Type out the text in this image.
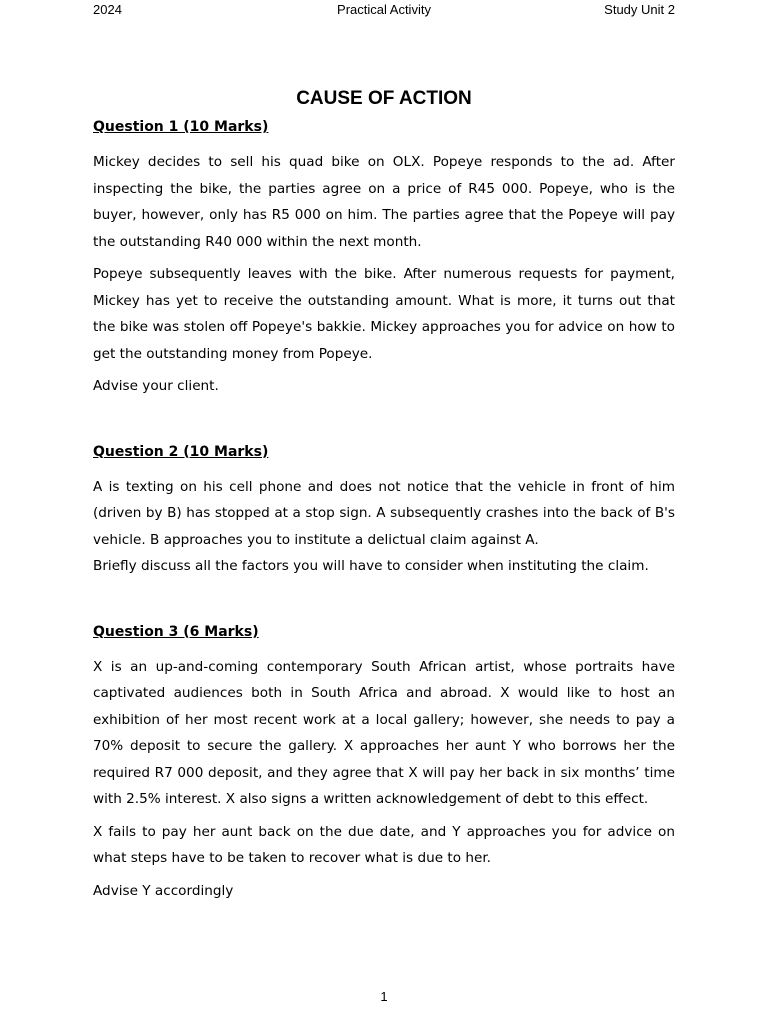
2024	Practical Activity	Study Unit 2
CAUSE OF ACTION

Question 1 (10 Marks)

Mickey decides to sell his quad bike on OLX. Popeye responds to the ad. After inspecting the bike, the parties agree on a price of R45 000. Popeye, who is the buyer, however, only has R5 000 on him. The parties agree that the Popeye will pay the outstanding R40 000 within the next month.

Popeye subsequently leaves with the bike. After numerous requests for payment, Mickey has yet to receive the outstanding amount. What is more, it turns out that the bike was stolen off Popeye's bakkie. Mickey approaches you for advice on how to get the outstanding money from Popeye.

Advise your client.

Question 2 (10 Marks)

A is texting on his cell phone and does not notice that the vehicle in front of him (driven by B) has stopped at a stop sign. A subsequently crashes into the back of B's vehicle. B approaches you to institute a delictual claim against A.

Briefly discuss all the factors you will have to consider when instituting the claim.

Question 3 (6 Marks)

X is an up-and-coming contemporary South African artist, whose portraits have captivated audiences both in South Africa and abroad. X would like to host an exhibition of her most recent work at a local gallery; however, she needs to pay a 70% deposit to secure the gallery. X approaches her aunt Y who borrows her the required R7 000 deposit, and they agree that X will pay her back in six months’ time with 2.5% interest. X also signs a written acknowledgement of debt to this effect.

X fails to pay her aunt back on the due date, and Y approaches you for advice on what steps have to be taken to recover what is due to her.

Advise Y accordingly

1
